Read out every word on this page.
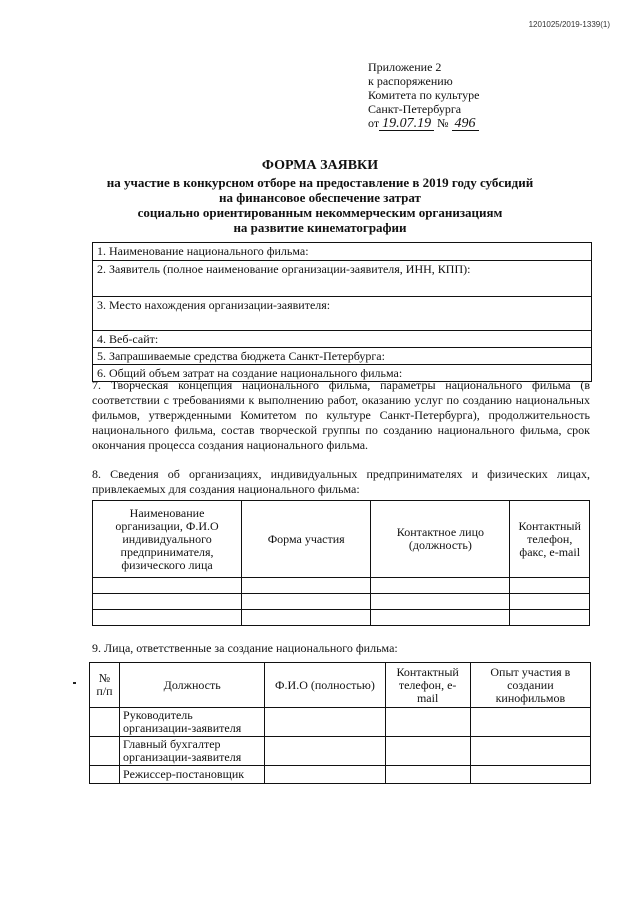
1201025/2019-1339(1)
Приложение 2
к распоряжению
Комитета по культуре
Санкт-Петербурга
от 19.07.19 № 496
ФОРМА ЗАЯВКИ
на участие в конкурсном отборе на предоставление в 2019 году субсидий
на финансовое обеспечение затрат
социально ориентированным некоммерческим организациям
на развитие кинематографии
1. Наименование национального фильма:
2. Заявитель (полное наименование организации-заявителя, ИНН, КПП):
3. Место нахождения организации-заявителя:
4. Веб-сайт:
5. Запрашиваемые средства бюджета Санкт-Петербурга:
6. Общий объем затрат на создание национального фильма:
7. Творческая концепция национального фильма, параметры национального фильма (в соответствии с требованиями к выполнению работ, оказанию услуг по созданию национальных фильмов, утвержденными Комитетом по культуре Санкт-Петербурга), продолжительность национального фильма, состав творческой группы по созданию национального фильма, срок окончания процесса создания национального фильма.
8. Сведения об организациях, индивидуальных предпринимателях и физических лицах, привлекаемых для создания национального фильма:
Наименование организации, Ф.И.О индивидуального предпринимателя, физического лица	Форма участия	Контактное лицо (должность)	Контактный телефон, факс, e-mail

9. Лица, ответственные за создание национального фильма:
№ п/п	Должность	Ф.И.О (полностью)	Контактный телефон, e-mail	Опыт участия в создании кинофильмов
	Руководитель организации-заявителя			
	Главный бухгалтер организации-заявителя			
	Режиссер-постановщик			
